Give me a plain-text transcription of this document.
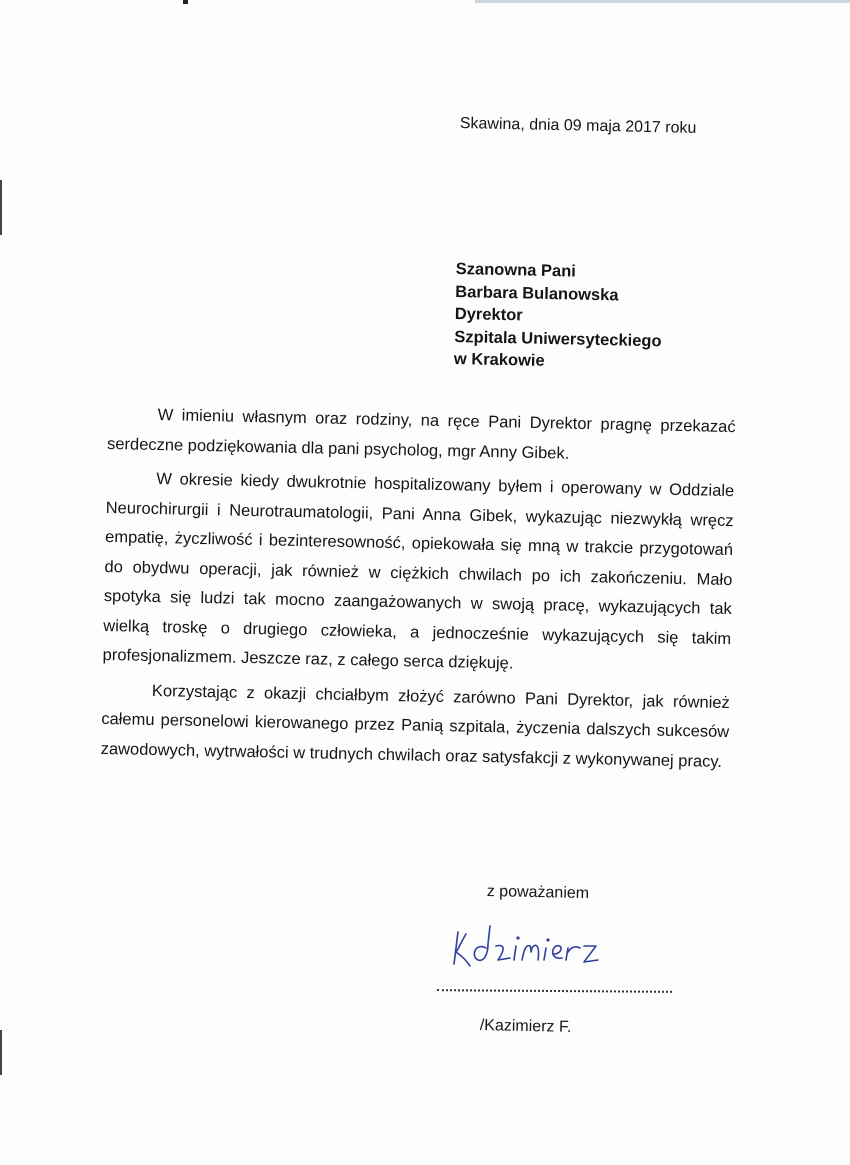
Skawina, dnia 09 maja 2017 roku
Szanowna Pani
Barbara Bulanowska
Dyrektor
Szpitala Uniwersyteckiego
w Krakowie

W imieniu własnym oraz rodziny, na ręce Pani Dyrektor pragnę przekazać serdeczne podziękowania dla pani psycholog, mgr Anny Gibek.

W okresie kiedy dwukrotnie hospitalizowany byłem i operowany w Oddziale Neurochirurgii i Neurotraumatologii, Pani Anna Gibek, wykazując niezwykłą wręcz empatię, życzliwość i bezinteresowność, opiekowała się mną w trakcie przygotowań do obydwu operacji, jak również w ciężkich chwilach po ich zakończeniu. Mało spotyka się ludzi tak mocno zaangażowanych w swoją pracę, wykazujących tak wielką troskę o drugiego człowieka, a jednocześnie wykazujących się takim profesjonalizmem. Jeszcze raz, z całego serca dziękuję.

Korzystając z okazji chciałbym złożyć zarówno Pani Dyrektor, jak również całemu personelowi kierowanego przez Panią szpitala, życzenia dalszych sukcesów zawodowych, wytrwałości w trudnych chwilach oraz satysfakcji z wykonywanej pracy.

z poważaniem
/Kazimierz F.
